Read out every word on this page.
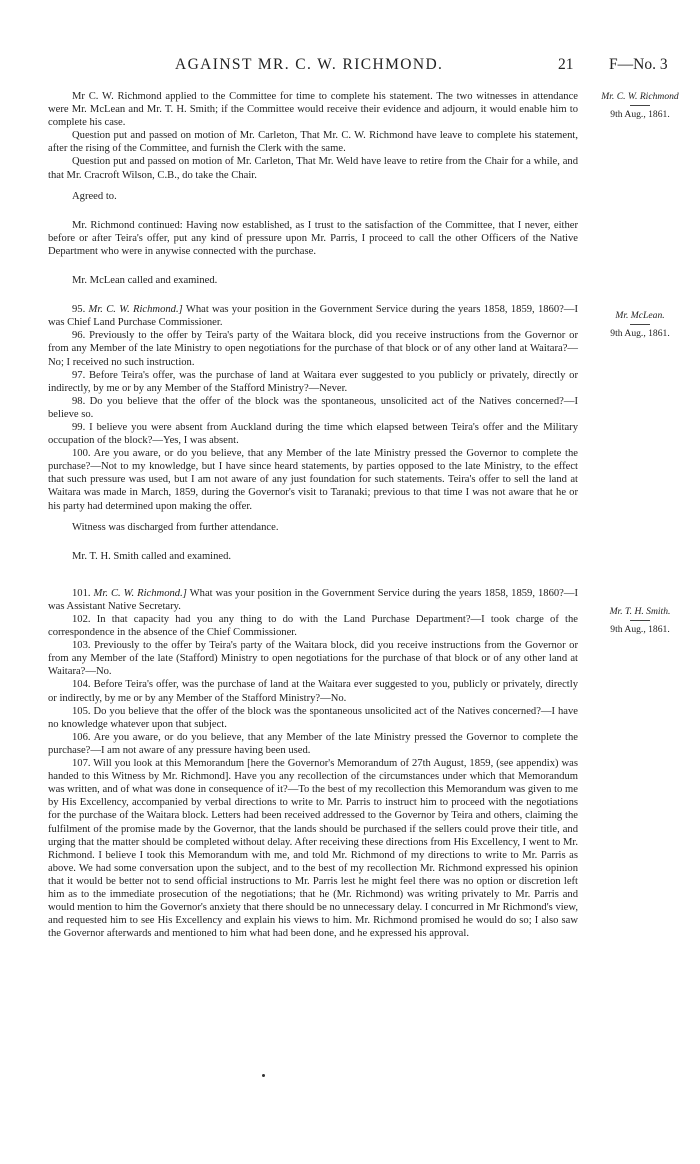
AGAINST MR. C. W. RICHMOND.	21 F—No. 3
Mr. C. W. Richmond
9th Aug., 1861.
Mr. McLean.
9th Aug., 1861.
Mr. T. H. Smith.
9th Aug., 1861.

Mr C. W. Richmond applied to the Committee for time to complete his statement. The two witnesses in attendance were Mr. McLean and Mr. T. H. Smith; if the Committee would receive their evidence and adjourn, it would enable him to complete his case.

Question put and passed on motion of Mr. Carleton, That Mr. C. W. Richmond have leave to complete his statement, after the rising of the Committee, and furnish the Clerk with the same.

Question put and passed on motion of Mr. Carleton, That Mr. Weld have leave to retire from the Chair for a while, and that Mr. Cracroft Wilson, C.B., do take the Chair.

Agreed to.

Mr. Richmond continued: Having now established, as I trust to the satisfaction of the Committee, that I never, either before or after Teira's offer, put any kind of pressure upon Mr. Parris, I proceed to call the other Officers of the Native Department who were in anywise connected with the purchase.

Mr. McLean called and examined.

95. Mr. C. W. Richmond.] What was your position in the Government Service during the years 1858, 1859, 1860?—I was Chief Land Purchase Commissioner.

96. Previously to the offer by Teira's party of the Waitara block, did you receive instructions from the Governor or from any Member of the late Ministry to open negotiations for the purchase of that block or of any other land at Waitara?—No; I received no such instruction.

97. Before Teira's offer, was the purchase of land at Waitara ever suggested to you publicly or privately, directly or indirectly, by me or by any Member of the Stafford Ministry?—Never.

98. Do you believe that the offer of the block was the spontaneous, unsolicited act of the Natives concerned?—I believe so.

99. I believe you were absent from Auckland during the time which elapsed between Teira's offer and the Military occupation of the block?—Yes, I was absent.

100. Are you aware, or do you believe, that any Member of the late Ministry pressed the Governor to complete the purchase?—Not to my knowledge, but I have since heard statements, by parties opposed to the late Ministry, to the effect that such pressure was used, but I am not aware of any just foundation for such statements. Teira's offer to sell the land at Waitara was made in March, 1859, during the Governor's visit to Taranaki; previous to that time I was not aware that he or his party had determined upon making the offer.

Witness was discharged from further attendance.

Mr. T. H. Smith called and examined.

101. Mr. C. W. Richmond.] What was your position in the Government Service during the years 1858, 1859, 1860?—I was Assistant Native Secretary.

102. In that capacity had you any thing to do with the Land Purchase Department?—I took charge of the correspondence in the absence of the Chief Commissioner.

103. Previously to the offer by Teira's party of the Waitara block, did you receive instructions from the Governor or from any Member of the late (Stafford) Ministry to open negotiations for the purchase of that block or of any other land at Waitara?—No.

104. Before Teira's offer, was the purchase of land at the Waitara ever suggested to you, publicly or privately, directly or indirectly, by me or by any Member of the Stafford Ministry?—No.

105. Do you believe that the offer of the block was the spontaneous unsolicited act of the Natives concerned?—I have no knowledge whatever upon that subject.

106. Are you aware, or do you believe, that any Member of the late Ministry pressed the Governor to complete the purchase?—I am not aware of any pressure having been used.

107. Will you look at this Memorandum [here the Governor's Memorandum of 27th August, 1859, (see appendix) was handed to this Witness by Mr. Richmond]. Have you any recollection of the circumstances under which that Memorandum was written, and of what was done in consequence of it?—To the best of my recollection this Memorandum was given to me by His Excellency, accompanied by verbal directions to write to Mr. Parris to instruct him to proceed with the negotiations for the purchase of the Waitara block. Letters had been received addressed to the Governor by Teira and others, claiming the fulfilment of the promise made by the Governor, that the lands should be purchased if the sellers could prove their title, and urging that the matter should be completed without delay. After receiving these directions from His Excellency, I went to Mr. Richmond. I believe I took this Memorandum with me, and told Mr. Richmond of my directions to write to Mr. Parris as above. We had some conversation upon the subject, and to the best of my recollection Mr. Richmond expressed his opinion that it would be better not to send official instructions to Mr. Parris lest he might feel there was no option or discretion left him as to the immediate prosecution of the negotiations; that he (Mr. Richmond) was writing privately to Mr. Parris and would mention to him the Governor's anxiety that there should be no unnecessary delay. I concurred in Mr Richmond's view, and requested him to see His Excellency and explain his views to him. Mr. Richmond promised he would do so; I also saw the Governor afterwards and mentioned to him what had been done, and he expressed his approval.
